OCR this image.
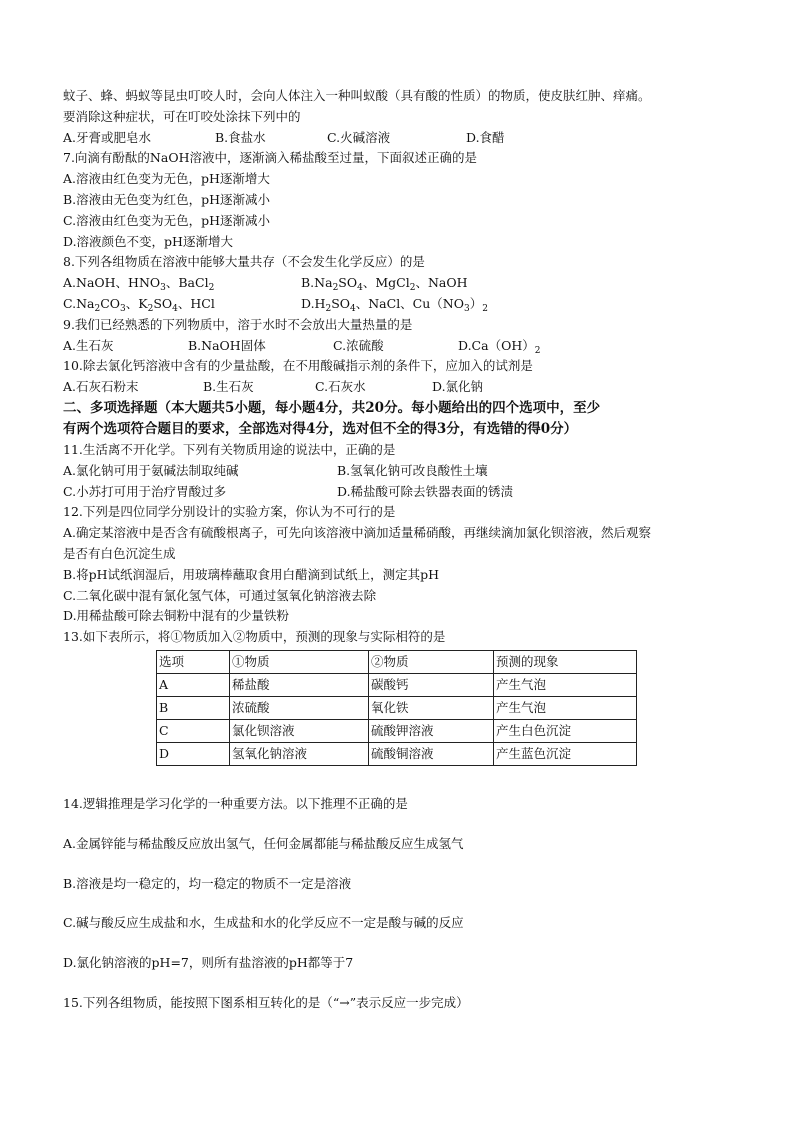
蚊子、蜂、蚂蚁等昆虫叮咬人时，会向人体注入一种叫蚁酸（具有酸的性质）的物质，使皮肤红肿、痒痛。
要消除这种症状，可在叮咬处涂抹下列中的
A.牙膏或肥皂水	B.食盐水	C.火碱溶液	D.食醋
7.向滴有酚酞的NaOH溶液中，逐渐滴入稀盐酸至过量，下面叙述正确的是
A.溶液由红色变为无色，pH逐渐增大
B.溶液由无色变为红色，pH逐渐减小
C.溶液由红色变为无色，pH逐渐减小
D.溶液颜色不变，pH逐渐增大
8.下列各组物质在溶液中能够大量共存（不会发生化学反应）的是
A.NaOH、$HNO_3$、BaCl$_2$	$B.Na_2SO_4$、MgCl$_2$、NaOH
$C.Na_2CO_3$、$K_2SO_4$、HCl	$D.H_2SO_4$、NaCl、$Cu(NO_3)_2$
9.我们已经熟悉的下列物质中，溶于水时不会放出大量热量的是
A.生石灰	B.NaOH固体	C.浓硫酸	$D.Ca(OH)_2$
10.除去氯化钙溶液中含有的少量盐酸，在不用酸碱指示剂的条件下，应加入的试剂是
A.石灰石粉末	B.生石灰	C.石灰水	D.氯化钠
二、多项选择题（本大题共5小题，每小题4分，共20分。每小题给出的四个选项中，至少
有两个选项符合题目的要求，全部选对得4分，选对但不全的得3分，有选错的得0分）
11.生活离不开化学。下列有关物质用途的说法中，正确的是
A.氯化钠可用于氨碱法制取纯碱	B.氢氧化钠可改良酸性土壤
C.小苏打可用于治疗胃酸过多	D.稀盐酸可除去铁器表面的锈渍
12.下列是四位同学分别设计的实验方案，你认为不可行的是
A.确定某溶液中是否含有硫酸根离子，可先向该溶液中滴加适量稀硝酸，再继续滴加氯化钡溶液，然后观察
是否有白色沉淀生成
B.将pH试纸润湿后，用玻璃棒蘸取食用白醋滴到试纸上，测定其pH
C.二氧化碳中混有氯化氢气体，可通过氢氧化钠溶液去除
D.用稀盐酸可除去铜粉中混有的少量铁粉
13.如下表所示，将①物质加入②物质中，预测的现象与实际相符的是
选项	①物质	②物质	预测的现象
A	稀盐酸	碳酸钙	产生气泡
B	浓硫酸	氧化铁	产生气泡
C	氯化钡溶液	硫酸钾溶液	产生白色沉淀
D	氢氧化钠溶液	硫酸铜溶液	产生蓝色沉淀
14.逻辑推理是学习化学的一种重要方法。以下推理不正确的是
A.金属锌能与稀盐酸反应放出氢气，任何金属都能与稀盐酸反应生成氢气
B.溶液是均一稳定的，均一稳定的物质不一定是溶液
C.碱与酸反应生成盐和水，生成盐和水的化学反应不一定是酸与碱的反应
D.氯化钠溶液的pH=7，则所有盐溶液的pH都等于7
15.下列各组物质，能按照下图系相互转化的是（“→”表示反应一步完成）
